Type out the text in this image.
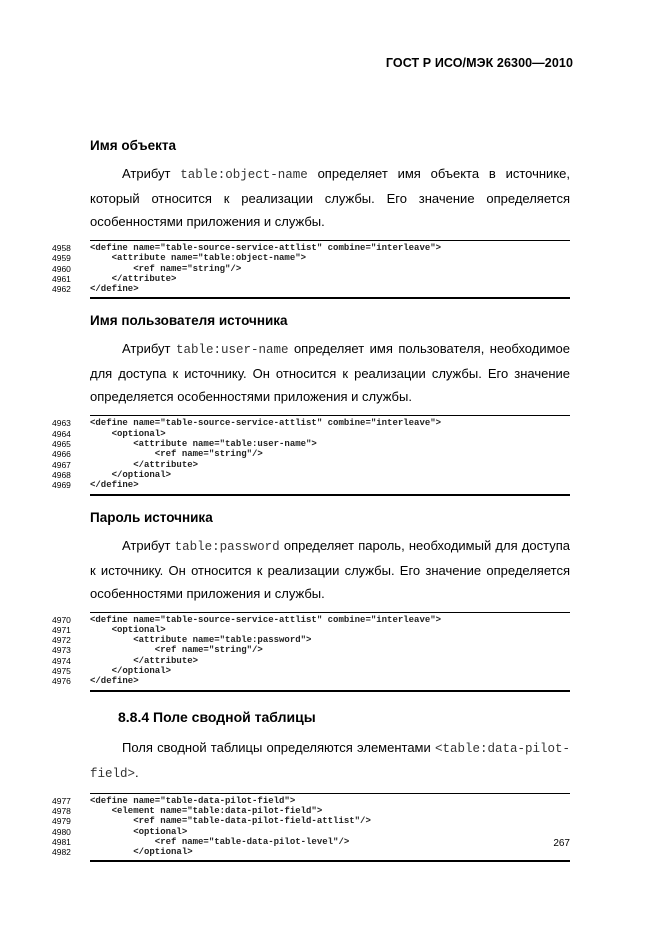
ГОСТ Р ИСО/МЭК 26300—2010

Имя объекта

Атрибут table:object-name определяет имя объекта в источнике, который относится к реализации службы. Его значение определяется особенностями приложения и службы.

4958	<define name="table-source-service-attlist" combine="interleave">
4959	<attribute name="table:object-name">
4960	<ref name="string"/>
4961	</attribute>
4962	</define>

Имя пользователя источника

Атрибут table:user-name определяет имя пользователя, необходимое для доступа к источнику. Он относится к реализации службы. Его значение определяется особенностями приложения и службы.

4963	<define name="table-source-service-attlist" combine="interleave">
4964	<optional>
4965	<attribute name="table:user-name">
4966	<ref name="string"/>
4967	</attribute>
4968	</optional>
4969	</define>

Пароль источника

Атрибут table:password определяет пароль, необходимый для доступа к источнику. Он относится к реализации службы. Его значение определяется особенностями приложения и службы.

4970	<define name="table-source-service-attlist" combine="interleave">
4971	<optional>
4972	<attribute name="table:password">
4973	<ref name="string"/>
4974	</attribute>
4975	</optional>
4976	</define>

8.8.4 Поле сводной таблицы

Поля сводной таблицы определяются элементами <table:data-pilot-field>.

4977	<define name="table-data-pilot-field">
4978	<element name="table:data-pilot-field">
4979	<ref name="table-data-pilot-field-attlist"/>
4980	<optional>
4981	<ref name="table-data-pilot-level"/>
4982	</optional>
267
